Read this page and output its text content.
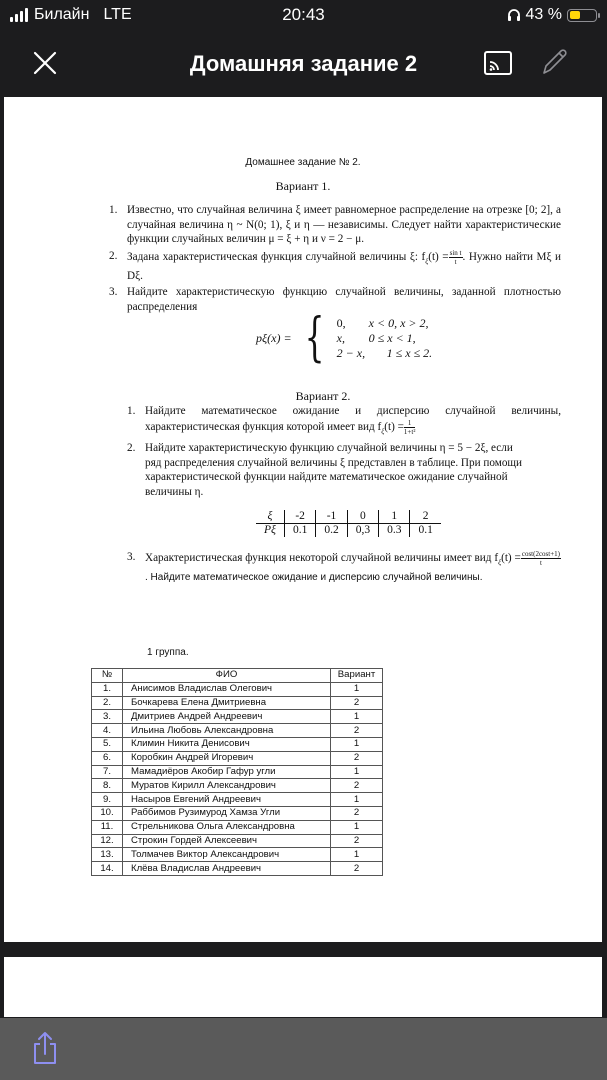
Билайн LTE	20:43	43 %
Домашняя задание 2
Домашнее задание № 2.
Вариант 1.
1. Известно, что случайная величина ξ имеет равномерное распределение на отрезке [0; 2], а случайная величина η ~ N(0; 1), ξ и η — независимы. Следует найти характеристические функции случайных величин μ = ξ + η и ν = 2 − μ.
2. Задана характеристическая функция случайной величины ξ: $f_\xi(t) = \frac{\text{sin t}}{t}$ . Нужно найти Mξ и Dξ.
3. Найдите характеристическую функцию случайной величины, заданной плотностью распределения
pξ(x) = { 0,	x < 0, x > 2,
x,	0 ≤ x < 1,
2 − x,	1 ≤ x ≤ 2.
Вариант 2.
1. Найдите математическое ожидание и дисперсию случайной величины, характеристическая функция которой имеет вид $f_\xi(t) = \frac{1}{\text{1+t²}}$
2. Найдите характеристическую функцию случайной величины η = 5 − 2ξ, если ряд распределения случайной величины ξ представлен в таблице. При помощи характеристической функции найдите математическое ожидание случайной величины η.
ξ	-2	-1	0	1	2
Pξ	0.1	0.2	0,3	0.3	0.1
3. Характеристическая функция некоторой случайной величины имеет вид $f_\xi(t) = \frac{\cos t(2\cos t+1)}{t}$
. Найдите математическое ожидание и дисперсию случайной величины.
1 группа.
№	ФИО	Вариант
1.	Анисимов Владислав Олегович	1
2.	Бочкарева Елена Дмитриевна	2
3.	Дмитриев Андрей Андреевич	1
4.	Ильина Любовь Александровна	2
5.	Климин Никита Денисович	1
6.	Коробкин Андрей Игоревич	2
7.	Мамадиёров Акобир Гафур угли	1
8.	Муратов Кирилл Александрович	2
9.	Насыров Евгений Андреевич	1
10.	Раббимов Рузимурод Хамза Угли	2
11.	Стрельникова Ольга Александровна	1
12.	Строкин Гордей Алексеевич	2
13.	Толмачев Виктор Александрович	1
14.	Клёва Владислав Андреевич	2
